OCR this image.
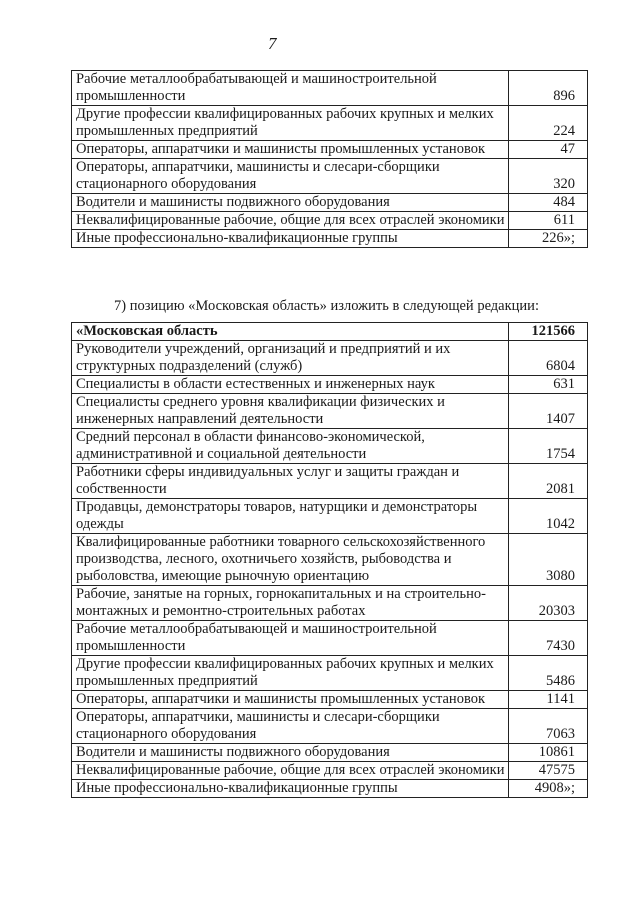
7
Рабочие металлообрабатывающей и машиностроительной промышленности	896
Другие профессии квалифицированных рабочих крупных и мелких промышленных предприятий	224
Операторы, аппаратчики и машинисты промышленных установок	47
Операторы, аппаратчики, машинисты и слесари-сборщики стационарного оборудования	320
Водители и машинисты подвижного оборудования	484
Неквалифицированные рабочие, общие для всех отраслей экономики	611
Иные профессионально-квалификационные группы	226»;
7) позицию «Московская область» изложить в следующей редакции:
«Московская область	121566
Руководители учреждений, организаций и предприятий и их структурных подразделений (служб)	6804
Специалисты в области естественных и инженерных наук	631
Специалисты среднего уровня квалификации физических и инженерных направлений деятельности	1407
Средний персонал в области финансово-экономической, административной и социальной деятельности	1754
Работники сферы индивидуальных услуг и защиты граждан и собственности	2081
Продавцы, демонстраторы товаров, натурщики и демонстраторы одежды	1042
Квалифицированные работники товарного сельскохозяйственного производства, лесного, охотничьего хозяйств, рыбоводства и рыболовства, имеющие рыночную ориентацию	3080
Рабочие, занятые на горных, горнокапитальных и на строительно-монтажных и ремонтно-строительных работах	20303
Рабочие металлообрабатывающей и машиностроительной промышленности	7430
Другие профессии квалифицированных рабочих крупных и мелких промышленных предприятий	5486
Операторы, аппаратчики и машинисты промышленных установок	1141
Операторы, аппаратчики, машинисты и слесари-сборщики стационарного оборудования	7063
Водители и машинисты подвижного оборудования	10861
Неквалифицированные рабочие, общие для всех отраслей экономики	47575
Иные профессионально-квалификационные группы	4908»;
